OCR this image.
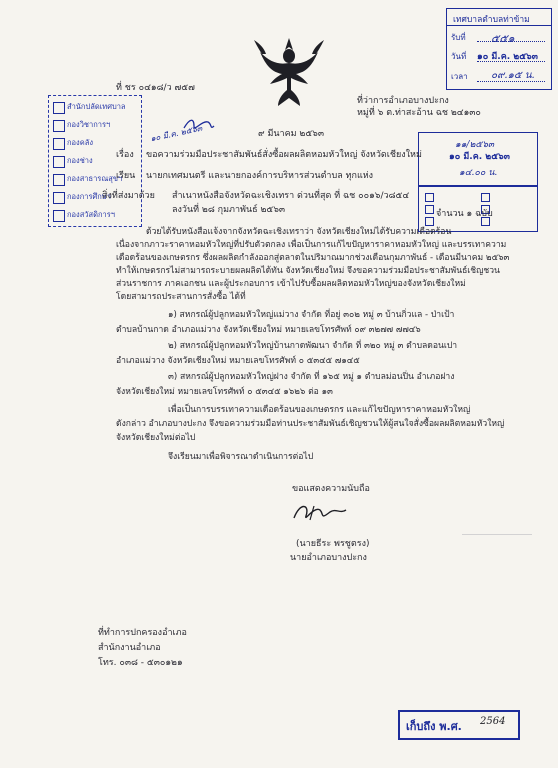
ที่ ชร ๐๔๑๘/ว ๗๕๗
ที่ว่าการอำเภอบางปะกง
หมู่ที่ ๖ ต.ท่าสะอ้าน ฉช ๒๔๑๓๐
๙ มีนาคม ๒๕๖๓
๑๐ มี.ค. ๒๕๖๓
สำนักปลัดเทศบาล
กองวิชาการฯ
กองคลัง
กองช่าง
กองสาธารณสุขฯ
กองการศึกษา
กองสวัสดิการฯ
เทศบาลตำบลท่าข้าม
รับที่ ๕๕๑
วันที่ ๑๐ มี.ค. ๒๕๖๓
เวลา ๐๙.๑๕ น.
๑๑/๒๕๖๓
๑๐ มี.ค. ๒๕๖๓
๑๔.๐๐ น.
เรื่อง ขอความร่วมมือประชาสัมพันธ์สั่งซื้อผลผลิตหอมหัวใหญ่ จังหวัดเชียงใหม่
เรียน นายกเทศมนตรี และนายกองค์การบริหารส่วนตำบล ทุกแห่ง
สิ่งที่ส่งมาด้วย สำเนาหนังสือจังหวัดฉะเชิงเทรา ด่วนที่สุด ที่ ฉช ๐๐๑๖/ว๘๕๔
ลงวันที่ ๒๘ กุมภาพันธ์ ๒๕๖๓	จำนวน ๑ ฉบับ
ด้วยได้รับหนังสือแจ้งจากจังหวัดฉะเชิงเทราว่า จังหวัดเชียงใหม่ได้รับความเดือดร้อน
เนื่องจากภาวะราคาหอมหัวใหญ่ที่ปรับตัวตกลง เพื่อเป็นการแก้ไขปัญหาราคาหอมหัวใหญ่ และบรรเทาความ
เดือดร้อนของเกษตรกร ซึ่งผลผลิตกำลังออกสู่ตลาดในปริมาณมากช่วงเดือนกุมภาพันธ์ - เดือนมีนาคม ๒๕๖๓
ทำให้เกษตรกรไม่สามารถระบายผลผลิตได้ทัน จังหวัดเชียงใหม่ จึงขอความร่วมมือประชาสัมพันธ์เชิญชวน
ส่วนราชการ ภาคเอกชน และผู้ประกอบการ เข้าไปรับซื้อผลผลิตหอมหัวใหญ่ของจังหวัดเชียงใหม่
โดยสามารถประสานการสั่งซื้อ ได้ที่
๑) สหกรณ์ผู้ปลูกหอมหัวใหญ่แม่วาง จำกัด ที่อยู่ ๓๐๒ หมู่ ๓ บ้านกิ่วแล - ป่าเป้า
ตำบลบ้านกาด อำเภอแม่วาง จังหวัดเชียงใหม่ หมายเลขโทรศัพท์ ๐๙ ๓๒๗๗ ๗๗๔๖
๒) สหกรณ์ผู้ปลูกหอมหัวใหญ่บ้านกาดพัฒนา จำกัด ที่ ๓๒๐ หมู่ ๓ ตำบลดอนเปา
อำเภอแม่วาง จังหวัดเชียงใหม่ หมายเลขโทรศัพท์ ๐ ๕๓๔๕ ๗๑๔๕
๓) สหกรณ์ผู้ปลูกหอมหัวใหญ่ฝาง จำกัด ที่ ๑๖๕ หมู่ ๑ ตำบลม่อนปิ่น อำเภอฝาง
จังหวัดเชียงใหม่ หมายเลขโทรศัพท์ ๐ ๕๓๔๕ ๑๖๒๖ ต่อ ๑๓
เพื่อเป็นการบรรเทาความเดือดร้อนของเกษตรกร และแก้ไขปัญหาราคาหอมหัวใหญ่
ดังกล่าว อำเภอบางปะกง จึงขอความร่วมมือท่านประชาสัมพันธ์เชิญชวนให้ผู้สนใจสั่งซื้อผลผลิตหอมหัวใหญ่
จังหวัดเชียงใหม่ต่อไป
จึงเรียนมาเพื่อพิจารณาดำเนินการต่อไป
ขอแสดงความนับถือ
(นายธีระ พรชูตรง)
นายอำเภอบางปะกง
ที่ทำการปกครองอำเภอ
สำนักงานอำเภอ
โทร. ๐๓๘ - ๕๓๐๑๒๑
เก็บถึง พ.ศ. 2564
